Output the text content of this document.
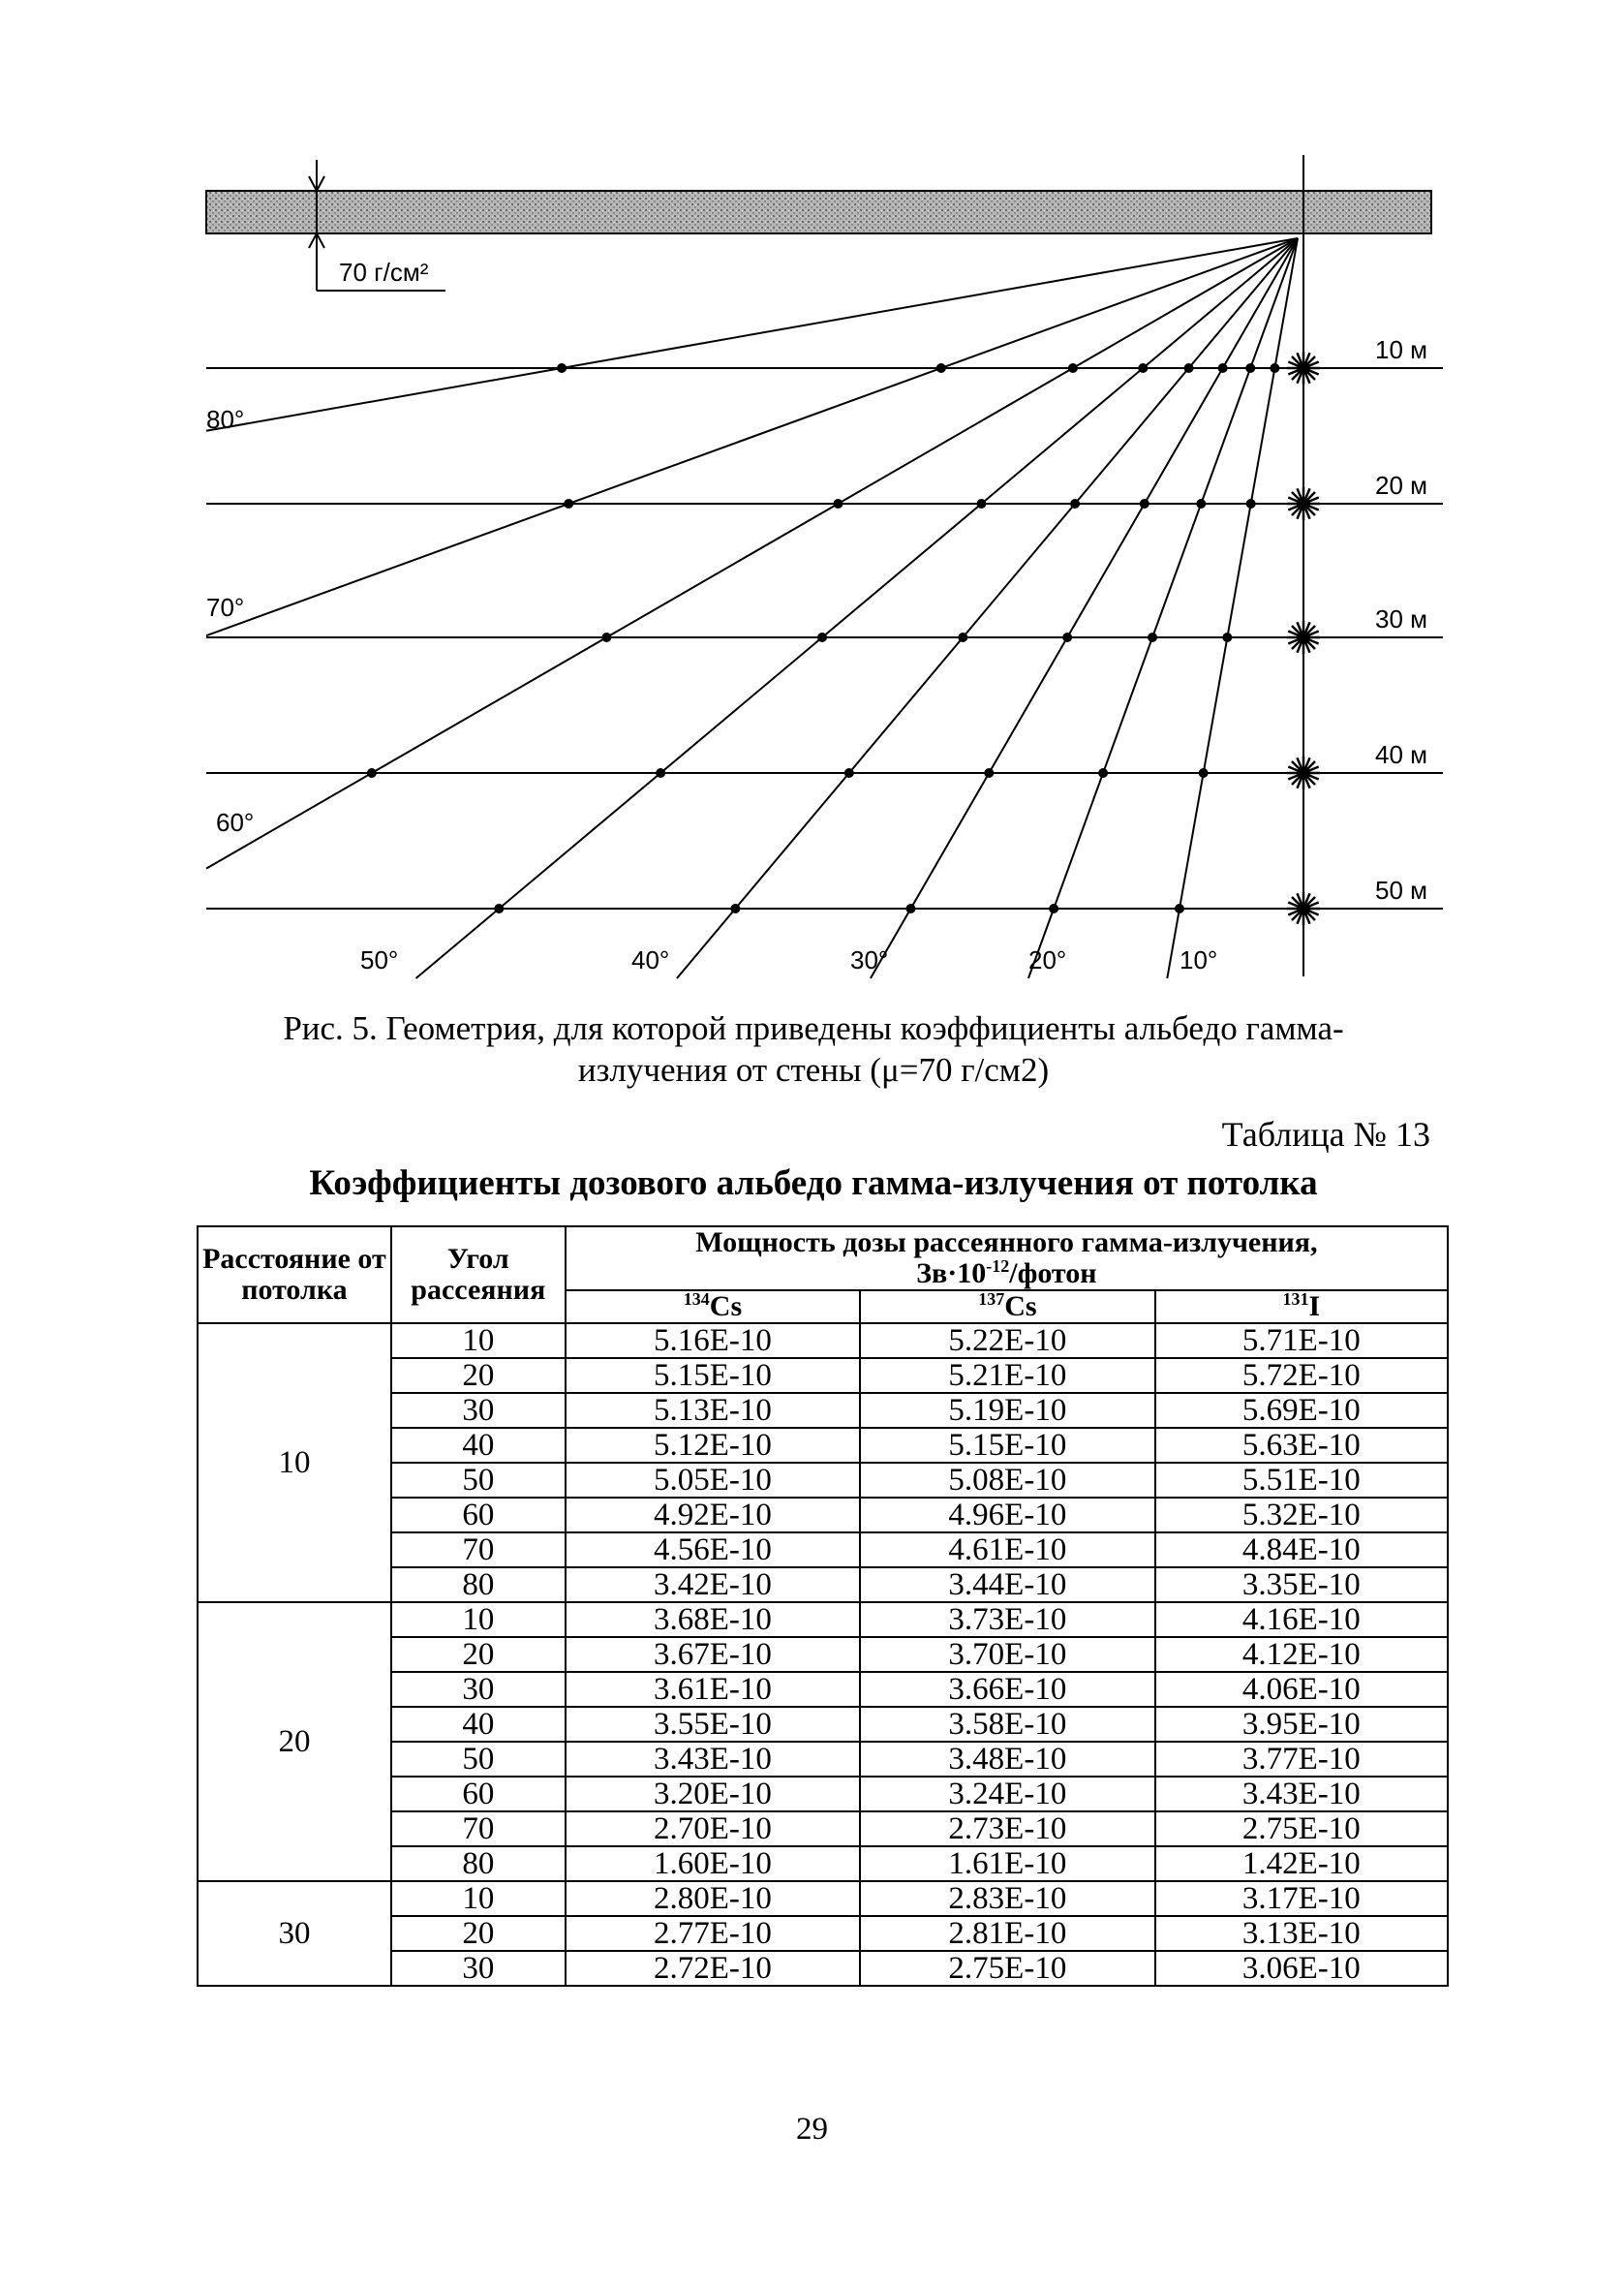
10 м
20 м
30 м
40 м
50 м
80°
70°
60°
50°	40°	30°	20°	10°
70 г/см²
Рис. 5. Геометрия, для которой приведены коэффициенты альбедо гамма-
излучения от стены (μ=70 г/см2)
Таблица № 13
Коэффициенты дозового альбедо гамма-излучения от потолка
Расстояние от потолка	Угол рассеяния	Мощность дозы рассеянного гамма-излучения,
$Зв\cdot 10^{-12}$/фотон		

		$^{134}$Cs	$^{137}$Cs	$^{131}$I
10	10	5.16E-10	5.22E-10	5.71E-10
	20	5.15E-10	5.21E-10	5.72E-10
	30	5.13E-10	5.19E-10	5.69E-10
	40	5.12E-10	5.15E-10	5.63E-10
	50	5.05E-10	5.08E-10	5.51E-10
	60	4.92E-10	4.96E-10	5.32E-10
	70	4.56E-10	4.61E-10	4.84E-10
	80	3.42E-10	3.44E-10	3.35E-10
20	10	3.68E-10	3.73E-10	4.16E-10
	20	3.67E-10	3.70E-10	4.12E-10
	30	3.61E-10	3.66E-10	4.06E-10
	40	3.55E-10	3.58E-10	3.95E-10
	50	3.43E-10	3.48E-10	3.77E-10
	60	3.20E-10	3.24E-10	3.43E-10
	70	2.70E-10	2.73E-10	2.75E-10
	80	1.60E-10	1.61E-10	1.42E-10
30	10	2.80E-10	2.83E-10	3.17E-10
	20	2.77E-10	2.81E-10	3.13E-10
	30	2.72E-10	2.75E-10	3.06E-10
29
